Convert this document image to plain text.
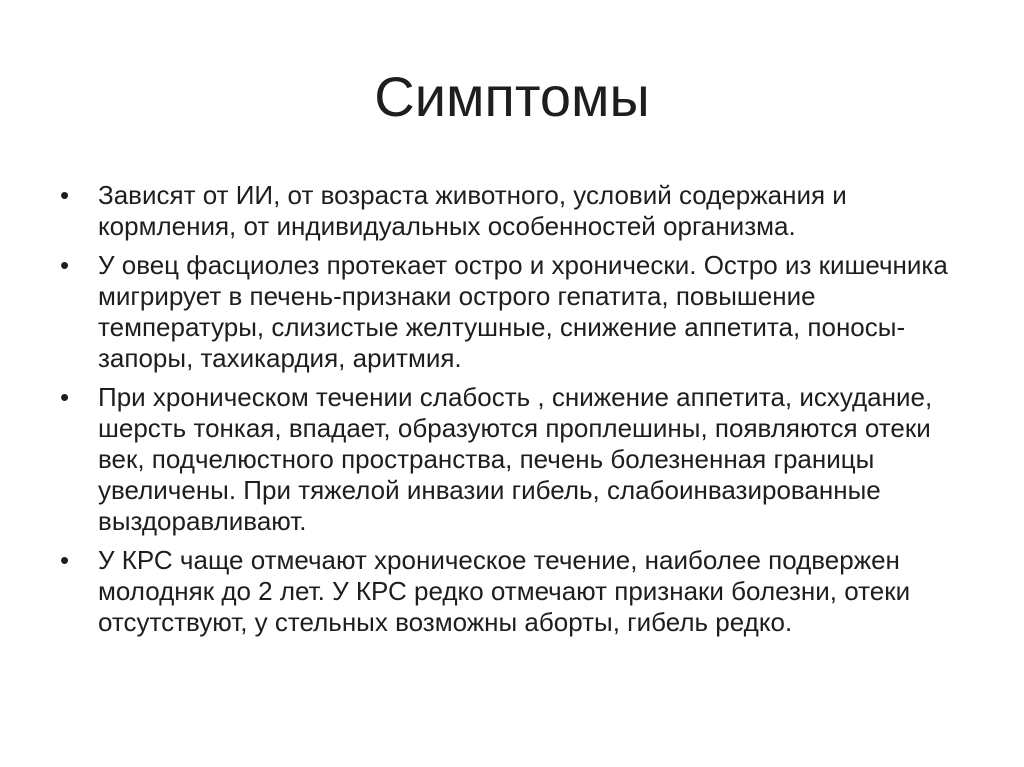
Симптомы
•	Зависят от ИИ, от возраста животного, условий содержания и кормления, от индивидуальных особенностей организма.
•	У овец фасциолез протекает остро и хронически. Остро из кишечника мигрирует в печень-признаки острого гепатита, повышение температуры, слизистые желтушные, снижение аппетита, поносы-запоры, тахикардия, аритмия.
•	При хроническом течении слабость , снижение аппетита, исхудание, шерсть тонкая, впадает, образуются проплешины, появляются отеки век, подчелюстного пространства, печень болезненная границы увеличены. При тяжелой инвазии гибель, слабоинвазированные выздоравливают.
•	У КРС чаще отмечают хроническое течение, наиболее подвержен молодняк до 2 лет. У КРС редко отмечают признаки болезни, отеки отсутствуют, у стельных возможны аборты, гибель редко.
